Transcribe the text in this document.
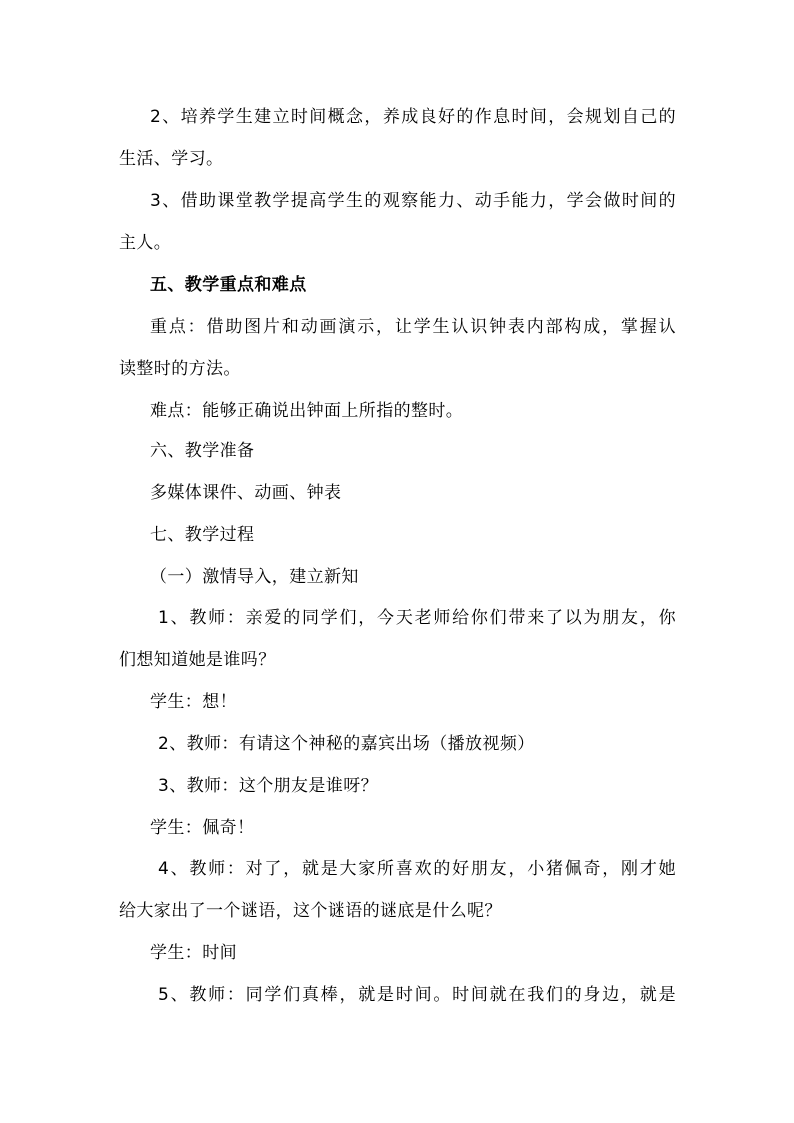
2、培养学生建立时间概念，养成良好的作息时间，会规划自己的
生活、学习。
3、借助课堂教学提高学生的观察能力、动手能力，学会做时间的
主人。
五、教学重点和难点
重点：借助图片和动画演示，让学生认识钟表内部构成，掌握认
读整时的方法。
难点：能够正确说出钟面上所指的整时。
六、教学准备
多媒体课件、动画、钟表
七、教学过程
（一）激情导入，建立新知
1、教师：亲爱的同学们，今天老师给你们带来了以为朋友，你
们想知道她是谁吗？
学生：想！
2、教师：有请这个神秘的嘉宾出场（播放视频）
3、教师：这个朋友是谁呀？
学生：佩奇！
4、教师：对了，就是大家所喜欢的好朋友，小猪佩奇，刚才她
给大家出了一个谜语，这个谜语的谜底是什么呢？
学生：时间
5、教师：同学们真棒，就是时间。时间就在我们的身边，就是
